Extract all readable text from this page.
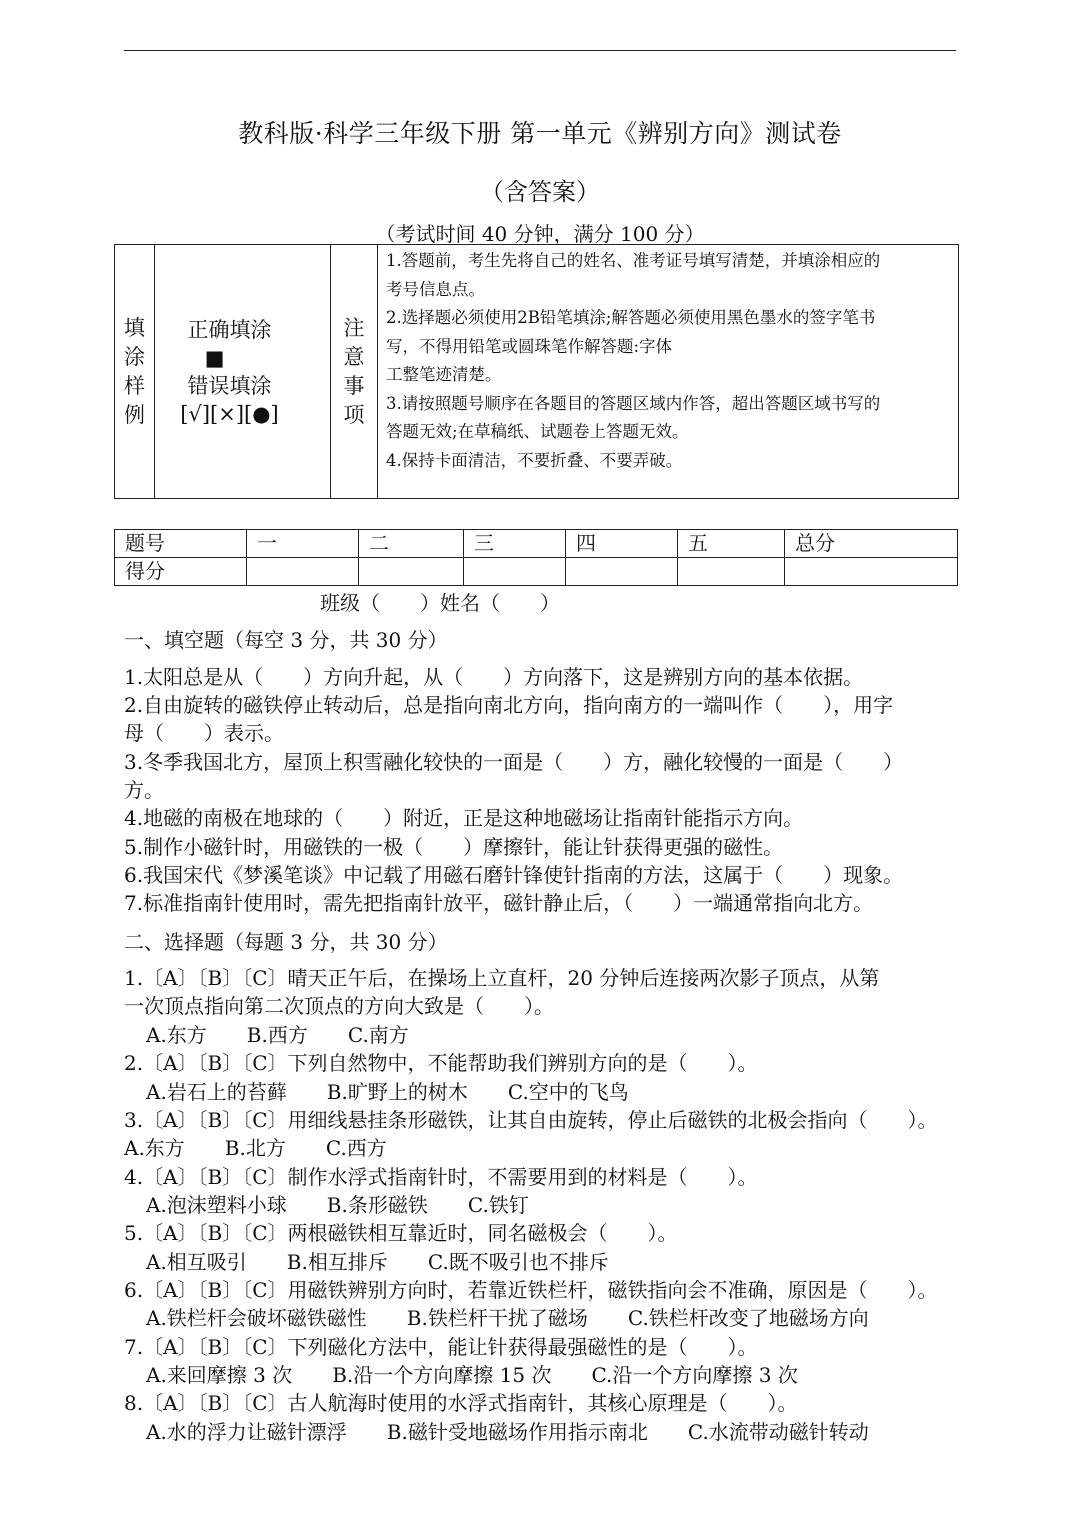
教科版·科学三年级下册 第一单元《辨别方向》测试卷
（含答案）
（考试时间 40 分钟，满分 100 分）
填
涂
样
例

正确填涂
■
错误填涂
[√][×][●]

注
意
事
项

1.答题前，考生先将自己的姓名、准考证号填写清楚，并填涂相应的
考号信息点。
2.选择题必须使用2B铅笔填涂;解答题必须使用黑色墨水的签字笔书
写，不得用铅笔或圆珠笔作解答题:字体
工整笔迹清楚。
3.请按照题号顺序在各题目的答题区域内作答，超出答题区域书写的
答题无效;在草稿纸、试题卷上答题无效。
4.保持卡面清洁，不要折叠、不要弄破。
题号	一	二	三	四	五	总分
得分						
班级（　　）姓名（　　）
一、填空题（每空 3 分，共 30 分）
1.太阳总是从（　　）方向升起，从（　　）方向落下，这是辨别方向的基本依据。
2.自由旋转的磁铁停止转动后，总是指向南北方向，指向南方的一端叫作（　　），用字
母（　　）表示。
3.冬季我国北方，屋顶上积雪融化较快的一面是（　　）方，融化较慢的一面是（　　）
方。
4.地磁的南极在地球的（　　）附近，正是这种地磁场让指南针能指示方向。
5.制作小磁针时，用磁铁的一极（　　）摩擦针，能让针获得更强的磁性。
6.我国宋代《梦溪笔谈》中记载了用磁石磨针锋使针指南的方法，这属于（　　）现象。
7.标准指南针使用时，需先把指南针放平，磁针静止后，（　　）一端通常指向北方。
二、选择题（每题 3 分，共 30 分）
1.〔A〕〔B〕〔C〕晴天正午后，在操场上立直杆，20 分钟后连接两次影子顶点，从第
一次顶点指向第二次顶点的方向大致是（　　）。
A.东方　　B.西方　　C.南方
2.〔A〕〔B〕〔C〕下列自然物中，不能帮助我们辨别方向的是（　　）。
A.岩石上的苔藓　　B.旷野上的树木　　C.空中的飞鸟
3.〔A〕〔B〕〔C〕用细线悬挂条形磁铁，让其自由旋转，停止后磁铁的北极会指向（　　）。
A.东方　　B.北方　　C.西方
4.〔A〕〔B〕〔C〕制作水浮式指南针时，不需要用到的材料是（　　）。
A.泡沫塑料小球　　B.条形磁铁　　C.铁钉
5.〔A〕〔B〕〔C〕两根磁铁相互靠近时，同名磁极会（　　）。
A.相互吸引　　B.相互排斥　　C.既不吸引也不排斥
6.〔A〕〔B〕〔C〕用磁铁辨别方向时，若靠近铁栏杆，磁铁指向会不准确，原因是（　　）。
A.铁栏杆会破坏磁铁磁性　　B.铁栏杆干扰了磁场　　C.铁栏杆改变了地磁场方向
7.〔A〕〔B〕〔C〕下列磁化方法中，能让针获得最强磁性的是（　　）。
A.来回摩擦 3 次　　B.沿一个方向摩擦 15 次　　C.沿一个方向摩擦 3 次
8.〔A〕〔B〕〔C〕古人航海时使用的水浮式指南针，其核心原理是（　　）。
A.水的浮力让磁针漂浮　　B.磁针受地磁场作用指示南北　　C.水流带动磁针转动
